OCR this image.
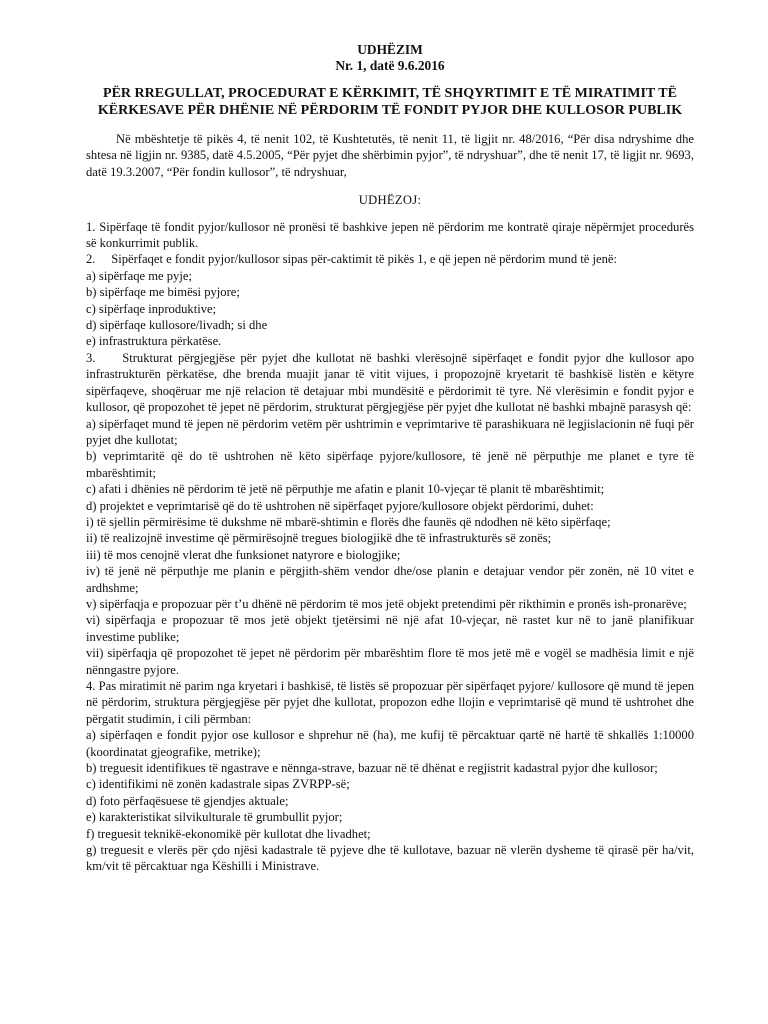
UDHËZIM
Nr. 1, datë 9.6.2016
PËR RREGULLAT, PROCEDURAT E KËRKIMIT, TË SHQYRTIMIT E TË MIRATIMIT TË KËRKESAVE PËR DHËNIE NË PËRDORIM TË FONDIT PYJOR DHE KULLOSOR PUBLIK
Në mbështetje të pikës 4, të nenit 102, të Kushtetutës, të nenit 11, të ligjit nr. 48/2016, “Për disa ndryshime dhe shtesa në ligjin nr. 9385, datë 4.5.2005, “Për pyjet dhe shërbimin pyjor”, të ndryshuar”, dhe të nenit 17, të ligjit nr. 9693, datë 19.3.2007, “Për fondin kullosor”, të ndryshuar,
UDHËZOJ:
1. Sipërfaqe të fondit pyjor/kullosor në pronësi të bashkive jepen në përdorim me kontratë qiraje nëpërmjet procedurës së konkurrimit publik.
2.     Sipërfaqet e fondit pyjor/kullosor sipas për-caktimit të pikës 1, e që jepen në përdorim mund të jenë:
a) sipërfaqe me pyje;
b) sipërfaqe me bimësi pyjore;
c) sipërfaqe inproduktive;
d) sipërfaqe kullosore/livadh; si dhe
e) infrastruktura përkatëse.
3.     Strukturat përgjegjëse për pyjet dhe kullotat në bashki vlerësojnë sipërfaqet e fondit pyjor dhe kullosor apo infrastrukturën përkatëse, dhe brenda muajit janar të vitit vijues, i propozojnë kryetarit të bashkisë listën e këtyre sipërfaqeve, shoqëruar me një relacion të detajuar mbi mundësitë e përdorimit të tyre. Në vlerësimin e fondit pyjor e kullosor, që propozohet të jepet në përdorim, strukturat përgjegjëse për pyjet dhe kullotat në bashki mbajnë parasysh që:
a) sipërfaqet mund të jepen në përdorim vetëm për ushtrimin e veprimtarive të parashikuara në legjislacionin në fuqi për pyjet dhe kullotat;
b) veprimtaritë që do të ushtrohen në këto sipërfaqe pyjore/kullosore, të jenë në përputhje me planet e tyre të mbarështimit;
c) afati i dhënies në përdorim të jetë në përputhje me afatin e planit 10-vjeçar të planit të mbarështimit;
d) projektet e veprimtarisë që do të ushtrohen në sipërfaqet pyjore/kullosore objekt përdorimi, duhet:
i) të sjellin përmirësime të dukshme në mbarë-shtimin e florës dhe faunës që ndodhen në këto sipërfaqe;
ii) të realizojnë investime që përmirësojnë tregues biologjikë dhe të infrastrukturës së zonës;
iii) të mos cenojnë vlerat dhe funksionet natyrore e biologjike;
iv) të jenë në përputhje me planin e përgjith-shëm vendor dhe/ose planin e detajuar vendor për zonën, në 10 vitet e ardhshme;
v) sipërfaqja e propozuar për t’u dhënë në përdorim të mos jetë objekt pretendimi për rikthimin e pronës ish-pronarëve;
vi) sipërfaqja e propozuar të mos jetë objekt tjetërsimi në një afat 10-vjeçar, në rastet kur në to janë planifikuar investime publike;
vii) sipërfaqja që propozohet të jepet në përdorim për mbarështim flore të mos jetë më e vogël se madhësia limit e një nënngastre pyjore.
4. Pas miratimit në parim nga kryetari i bashkisë, të listës së propozuar për sipërfaqet pyjore/ kullosore që mund të jepen në përdorim, struktura përgjegjëse për pyjet dhe kullotat, propozon edhe llojin e veprimtarisë që mund të ushtrohet dhe përgatit studimin, i cili përmban:
a) sipërfaqen e fondit pyjor ose kullosor e shprehur në (ha), me kufij të përcaktuar qartë në hartë të shkallës 1:10000 (koordinatat gjeografike, metrike);
b) treguesit identifikues të ngastrave e nënnga-strave, bazuar në të dhënat e regjistrit kadastral pyjor dhe kullosor;
c) identifikimi në zonën kadastrale sipas ZVRPP-së;
d) foto përfaqësuese të gjendjes aktuale;
e) karakteristikat silvikulturale të grumbullit pyjor;
f) treguesit teknikë-ekonomikë për kullotat dhe livadhet;
g) treguesit e vlerës për çdo njësi kadastrale të pyjeve dhe të kullotave, bazuar në vlerën dysheme të qirasë për ha/vit, km/vit të përcaktuar nga Këshilli i Ministrave.
